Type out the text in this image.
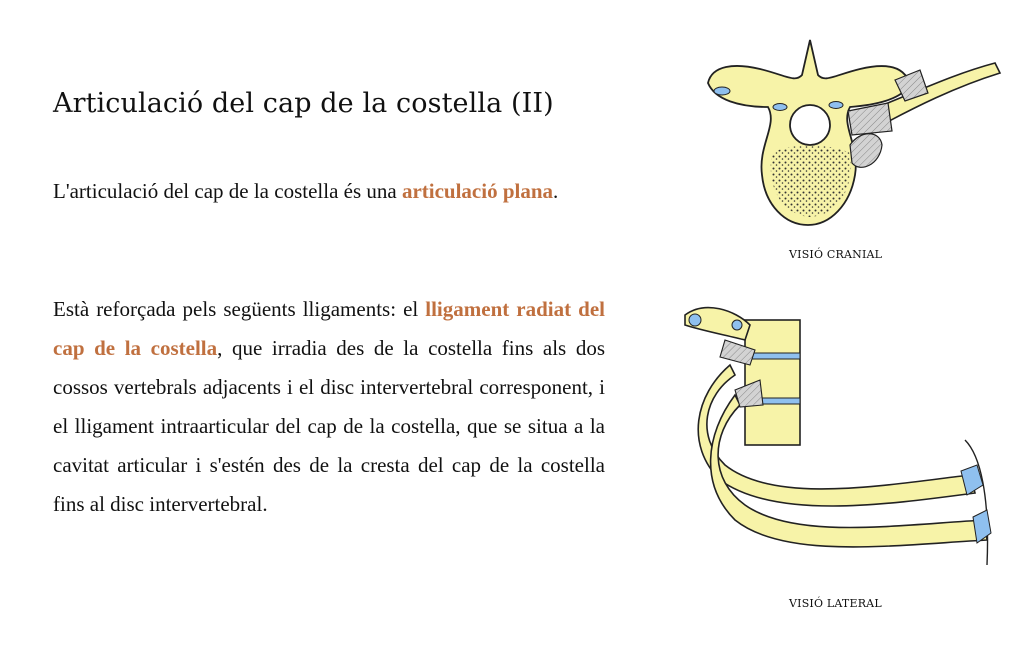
Articulació del cap de la costella (II)

L'articulació del cap de la costella és una articulació plana.

Està reforçada pels següents lligaments: el lligament radiat del cap de la costella, que irradia des de la costella fins als dos cossos vertebrals adjacents i el disc intervertebral corresponent, i el lligament intraarticular del cap de la costella, que se situa a la cavitat articular i s'estén des de la cresta del cap de la costella fins al disc intervertebral.

VISIÓ CRANIAL
VISIÓ LATERAL
